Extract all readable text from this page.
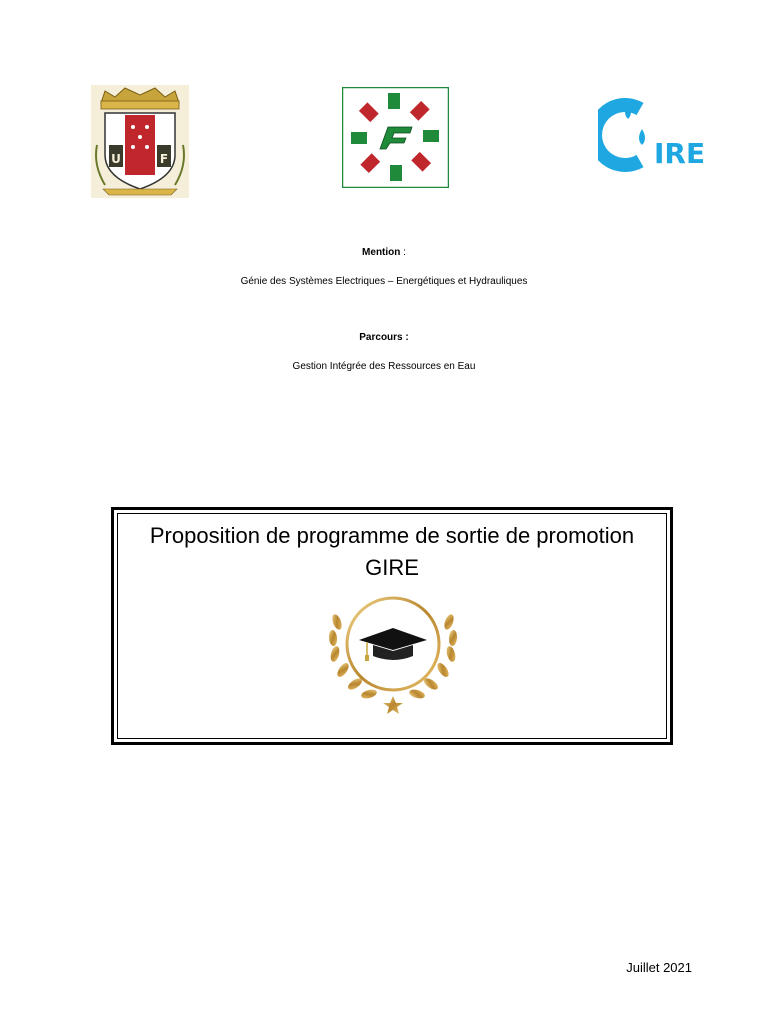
U	F	IRE
Mention :
Génie des Systèmes Electriques – Energétiques et Hydrauliques
Parcours :
Gestion Intégrée des Ressources en Eau
Proposition de programme de sortie de promotion
GIRE
Juillet 2021
